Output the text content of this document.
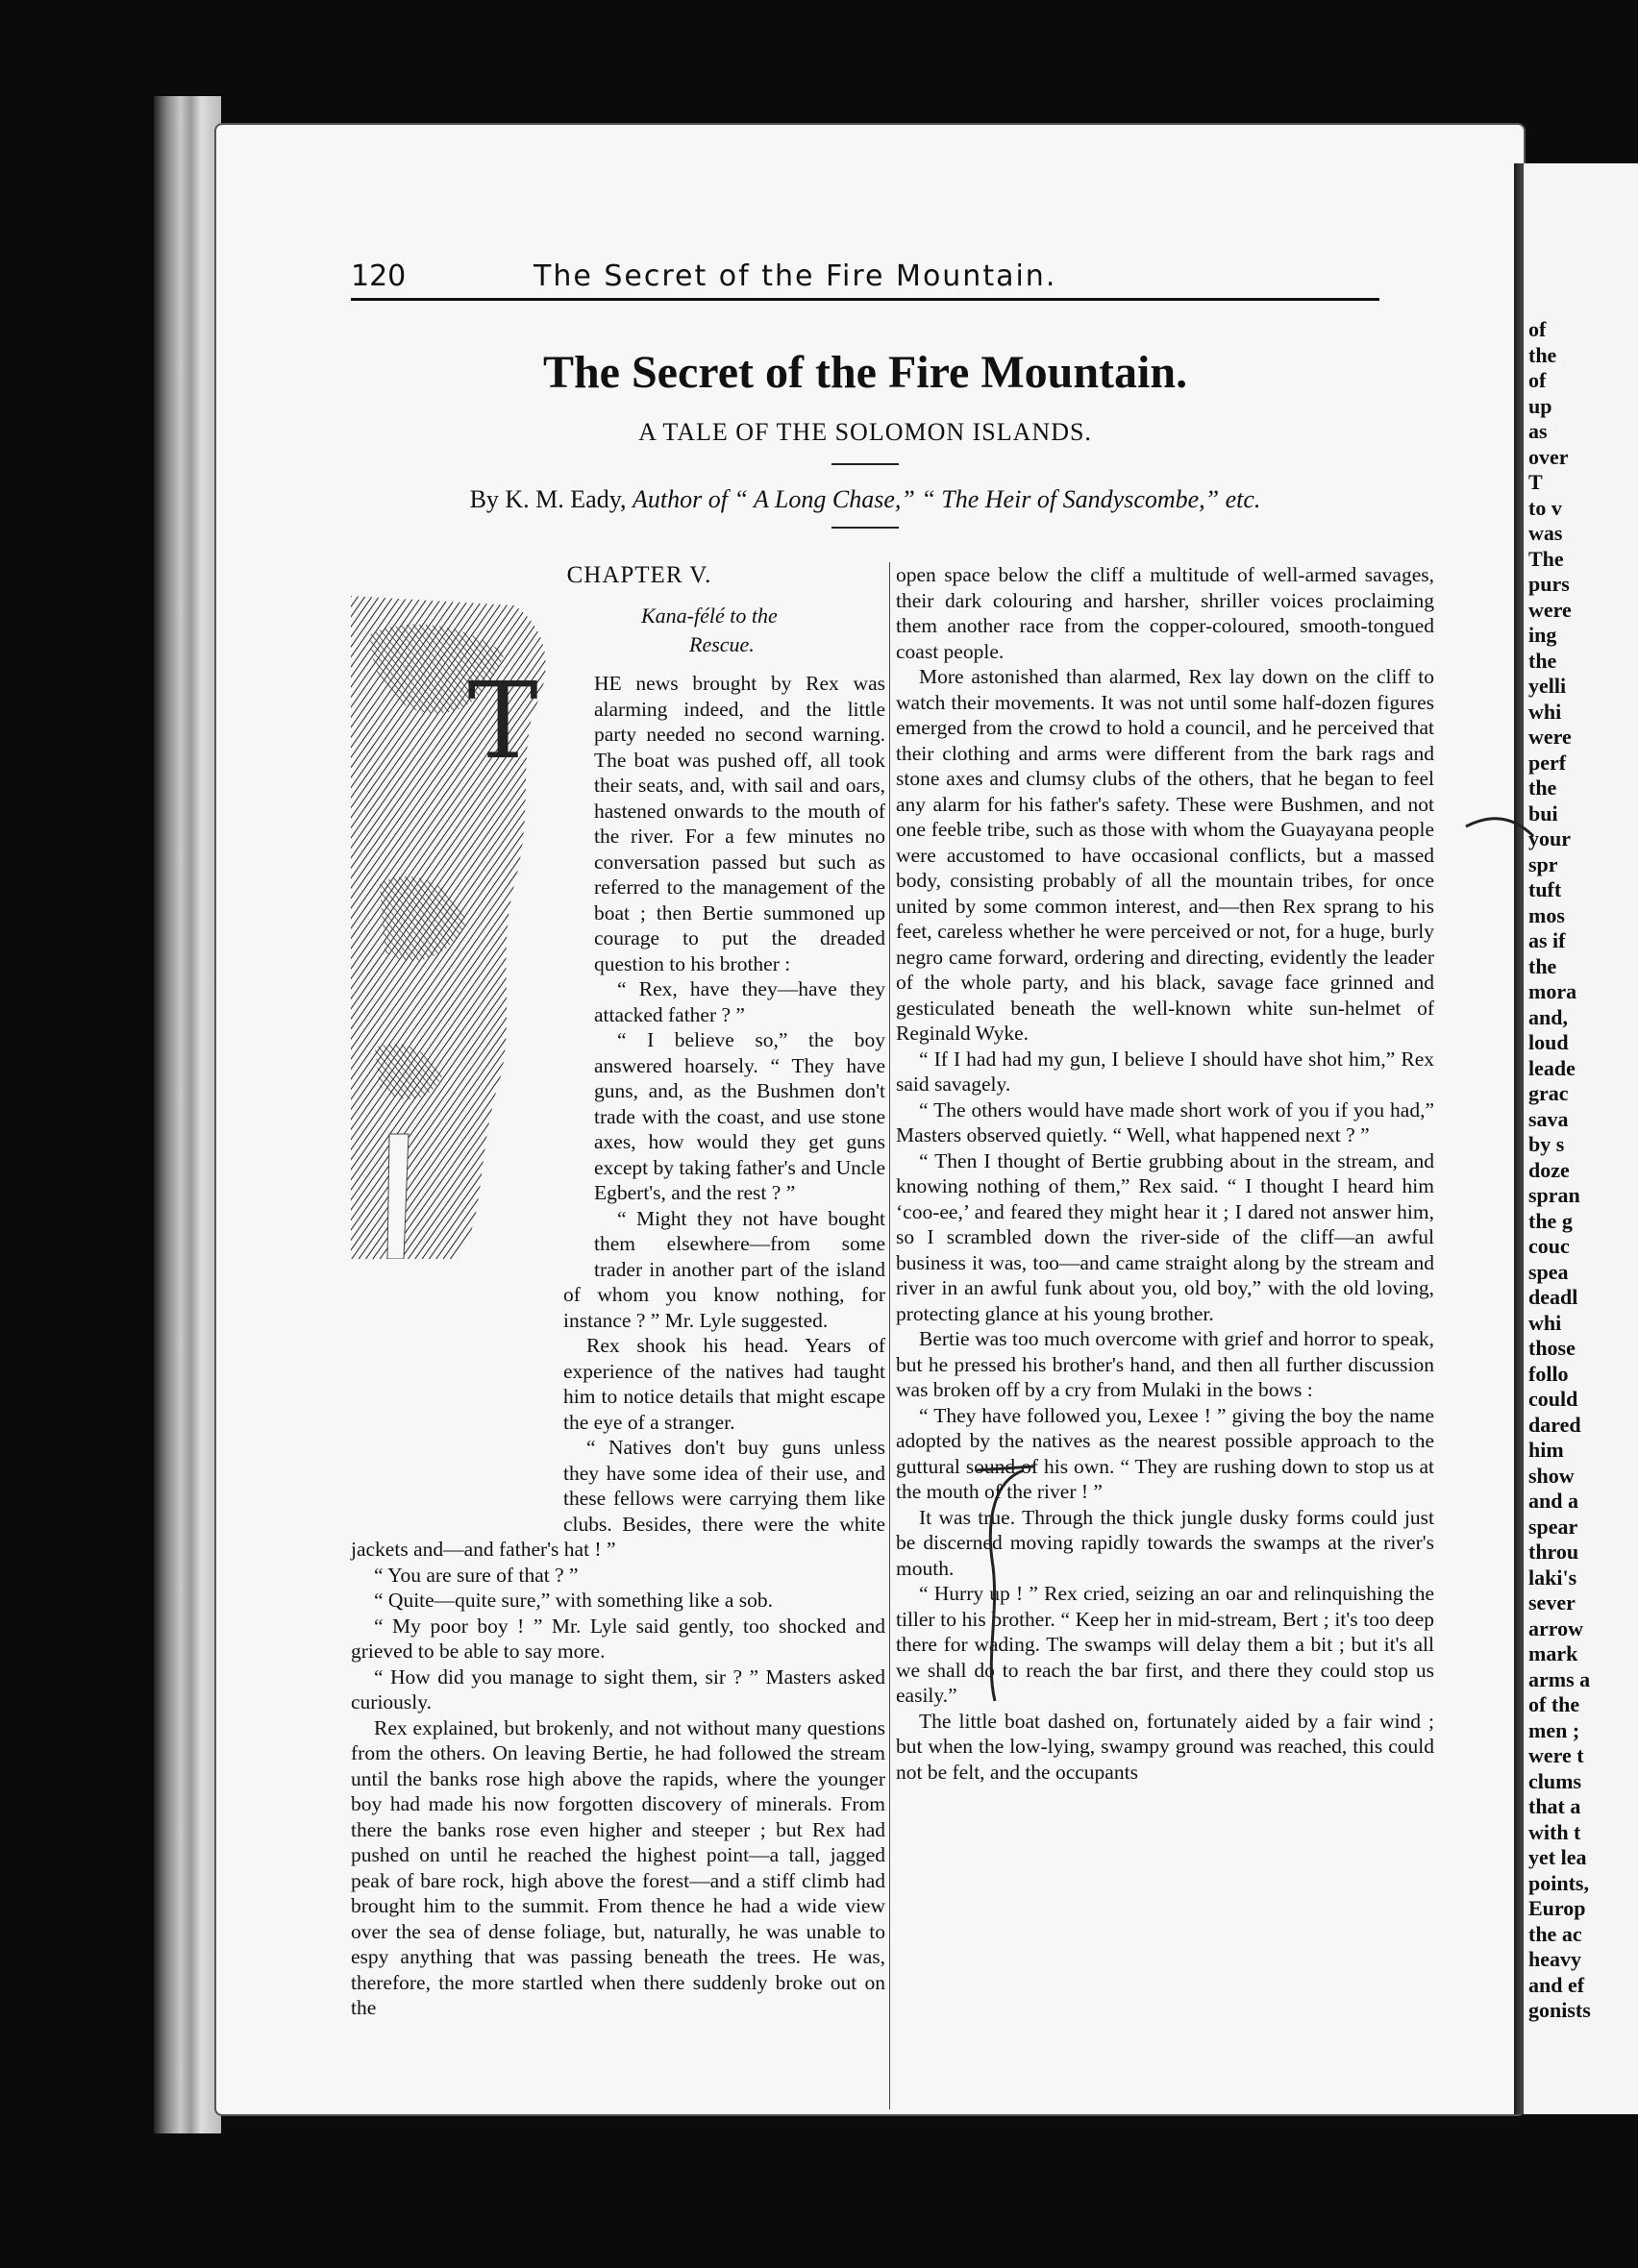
120	The Secret of the Fire Mountain.
The Secret of the Fire Mountain.
A TALE OF THE SOLOMON ISLANDS.
By K. M. Eady, Author of “ A Long Chase,” “ The Heir of Sandyscombe,” etc.
CHAPTER V.
Kana-félé to the
Rescue.
T	HE news brought by Rex was alarming indeed, and the little party needed no second warning. The boat was pushed off, all took their seats, and, with sail and oars, hastened onwards to the mouth of the river. For a few minutes no conversation passed but such as referred to the management of the boat ; then Bertie summoned up courage to put the dreaded question to his brother :

“ Rex, have they—have they attacked father ? ”

“ I believe so,” the boy answered hoarsely. “ They have guns, and, as the Bushmen don't trade with the coast, and use stone axes, how would they get guns except by taking father's and Uncle Egbert's, and the rest ? ”

“ Might they not have bought them elsewhere—from some trader in another part of the island of whom you know nothing, for instance ? ” Mr. Lyle suggested.

Rex shook his head. Years of experience of the natives had taught him to notice details that might escape the eye of a stranger.

“ Natives don't buy guns unless they have some idea of their use, and these fellows were carrying them like clubs. Besides, there were the white jackets and—and father's hat ! ”

“ You are sure of that ? ”

“ Quite—quite sure,” with something like a sob.

“ My poor boy ! ” Mr. Lyle said gently, too shocked and grieved to be able to say more.

“ How did you manage to sight them, sir ? ” Masters asked curiously.

Rex explained, but brokenly, and not without many questions from the others. On leaving Bertie, he had followed the stream until the banks rose high above the rapids, where the younger boy had made his now forgotten discovery of minerals. From there the banks rose even higher and steeper ; but Rex had pushed on until he reached the highest point—a tall, jagged peak of bare rock, high above the forest—and a stiff climb had brought him to the summit. From thence he had a wide view over the sea of dense foliage, but, naturally, he was unable to espy anything that was passing beneath the trees. He was, therefore, the more startled when there suddenly broke out on the

open space below the cliff a multitude of well-armed savages, their dark colouring and harsher, shriller voices proclaiming them another race from the copper-coloured, smooth-tongued coast people.

More astonished than alarmed, Rex lay down on the cliff to watch their movements. It was not until some half-dozen figures emerged from the crowd to hold a council, and he perceived that their clothing and arms were different from the bark rags and stone axes and clumsy clubs of the others, that he began to feel any alarm for his father's safety. These were Bushmen, and not one feeble tribe, such as those with whom the Guayayana people were accustomed to have occasional conflicts, but a massed body, consisting probably of all the mountain tribes, for once united by some common interest, and—then Rex sprang to his feet, careless whether he were perceived or not, for a huge, burly negro came forward, ordering and directing, evidently the leader of the whole party, and his black, savage face grinned and gesticulated beneath the well-known white sun-helmet of Reginald Wyke.

“ If I had had my gun, I believe I should have shot him,” Rex said savagely.

“ The others would have made short work of you if you had,” Masters observed quietly. “ Well, what happened next ? ”

“ Then I thought of Bertie grubbing about in the stream, and knowing nothing of them,” Rex said. “ I thought I heard him ‘coo-ee,’ and feared they might hear it ; I dared not answer him, so I scrambled down the river-side of the cliff—an awful business it was, too—and came straight along by the stream and river in an awful funk about you, old boy,” with the old loving, protecting glance at his young brother.

Bertie was too much overcome with grief and horror to speak, but he pressed his brother's hand, and then all further discussion was broken off by a cry from Mulaki in the bows :

“ They have followed you, Lexee ! ” giving the boy the name adopted by the natives as the nearest possible approach to the guttural sound of his own. “ They are rushing down to stop us at the mouth of the river ! ”

It was true. Through the thick jungle dusky forms could just be discerned moving rapidly towards the swamps at the river's mouth.

“ Hurry up ! ” Rex cried, seizing an oar and relinquishing the tiller to his brother. “ Keep her in mid-stream, Bert ; it's too deep there for wading. The swamps will delay them a bit ; but it's all we shall do to reach the bar first, and there they could stop us easily.”

The little boat dashed on, fortunately aided by a fair wind ; but when the low-lying, swampy ground was reached, this could not be felt, and the occupants

of
the
of
up
as
over
T
to v
was
The
purs
were
ing
the
yelli
whi
were
perf
the
bui
your
spr
tuft
mos
as if
the
mora
and,
loud
leade
grac
sava
by s
doze
spran
the g
couc
spea
deadl
whi
those
follo
could
dared
him
show
and a
spear
throu
laki's
sever
arrow
mark
arms a
of the
men ;
were t
clums
that a
with t
yet lea
points,
Europ
the ac
heavy
and ef
gonists
